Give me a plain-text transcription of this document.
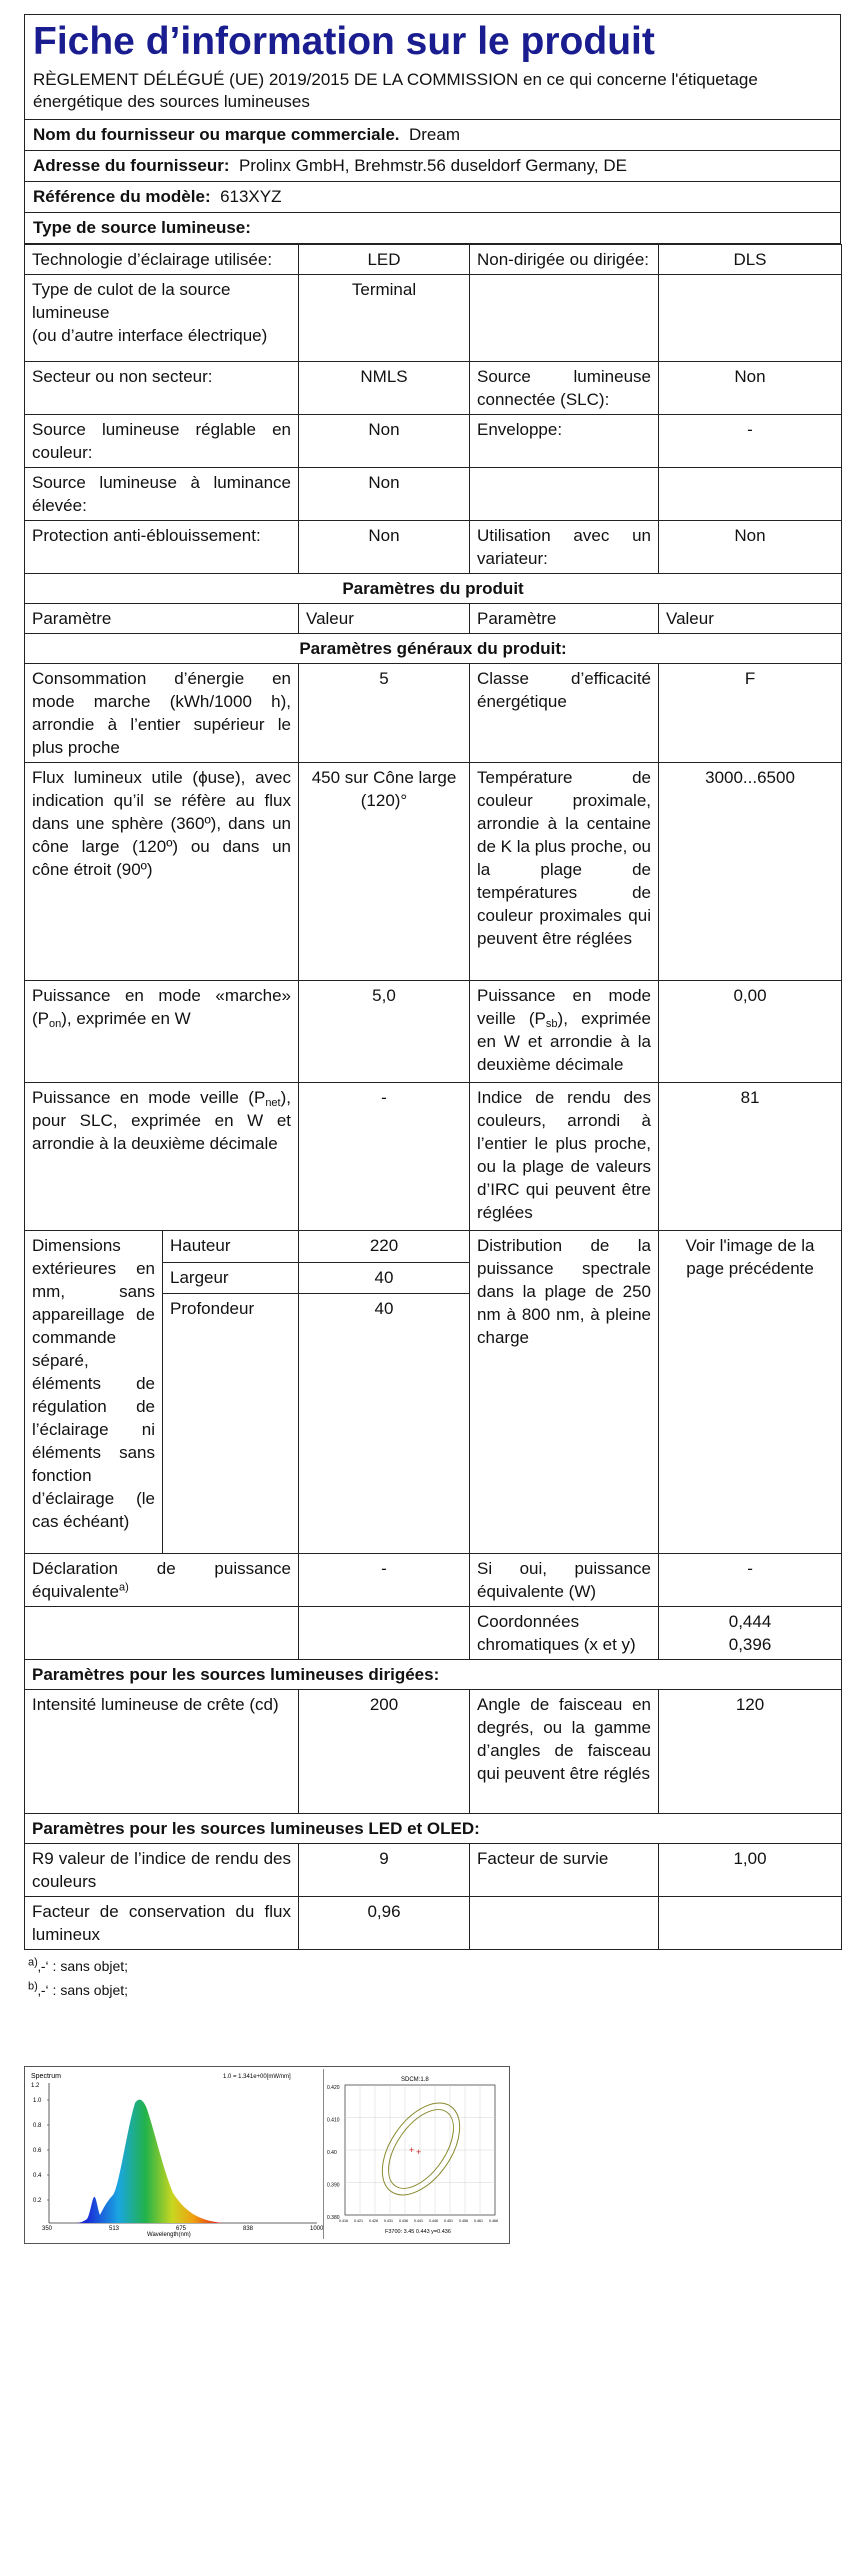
Fiche d’information sur le produit
RÈGLEMENT DÉLÉGUÉ (UE) 2019/2015 DE LA COMMISSION en ce qui concerne l'étiquetage énergétique des sources lumineuses
Nom du fournisseur ou marque commerciale. Dream
Adresse du fournisseur: Prolinx GmbH, Brehmstr.56 duseldorf Germany, DE
Référence du modèle: 613XYZ
Type de source lumineuse:
Technologie d’éclairage utilisée:	LED	Non-dirigée ou dirigée:	DLS

Type de culot de la source lumineuse
(ou d’autre interface électrique)	Terminal		
Secteur ou non secteur:	NMLS	Source lumineuse connectée (SLC):	Non
Source lumineuse réglable en couleur:	Non	Enveloppe:	-
Source lumineuse à luminance élevée:	Non		
Protection anti-éblouissement:	Non	Utilisation avec un variateur:	Non
Paramètres du produit				
Paramètre		Valeur	Paramètre	Valeur
Paramètres généraux du produit:				
Consommation d’énergie en mode marche (kWh/1000 h), arrondie à l’entier supérieur le plus proche		5	Classe d’efficacité énergétique	F
Flux lumineux utile (ϕuse), avec indication qu’il se réfère au flux dans une sphère (360º), dans un cône large (120º) ou dans un cône étroit (90º)		450 sur Cône large (120)°	Température de couleur proximale, arrondie à la centaine de K la plus proche, ou la plage de températures de couleur proximales qui peuvent être réglées	3000...6500
Puissance en mode «marche» $(P_{on})$, exprimée en W		5,0	Puissance en mode veille $(P_{sb})$, exprimée en W et arrondie à la deuxième décimale	0,00
Puissance en mode veille $(P_{net})$, pour SLC, exprimée en W et arrondie à la deuxième décimale		-	Indice de rendu des couleurs, arrondi à l’entier le plus proche, ou la plage de valeurs d’IRC qui peuvent être réglées	81
Dimensions extérieures en mm, sans appareillage de commande séparé, éléments de régulation de l’éclairage ni éléments sans fonction d’éclairage (le cas échéant)	Hauteur	220	Distribution de la puissance spectrale dans la plage de 250 nm à 800 nm, à pleine charge	Voir l'image de la page précédente
	Largeur	40		
	Profondeur	40		
Déclaration de puissance équivalente$^{a)}$		-	Si oui, puissance équivalente (W)	-
			Coordonnées chromatiques (x et y)	0,444
0,396

Paramètres pour les sources lumineuses dirigées:				
Intensité lumineuse de crête (cd)		200	Angle de faisceau en degrés, ou la gamme d’angles de faisceau qui peuvent être réglés	120
Paramètres pour les sources lumineuses LED et OLED:				
R9 valeur de l’indice de rendu des couleurs		9	Facteur de survie	1,00
Facteur de conservation du flux lumineux		0,96		
$^{a)}$‚-‘ : sans objet;
$^{b)}$‚-‘ : sans objet;
Spectrum
1.2
1.0 = 1.341e+00[mW/nm]
1.0
0.8
0.6
0.4
0.2
350	513	675	838	1000
Wavelength(nm)
SDCM:1.8
0.420
0.410
0.40
0.390
0.380 0.416 0.421 0.426 0.431 0.436 0.441 0.446 0.451 0.456 0.461 0.466
+ +
F3700: 3.45 0.443 y=0.436
